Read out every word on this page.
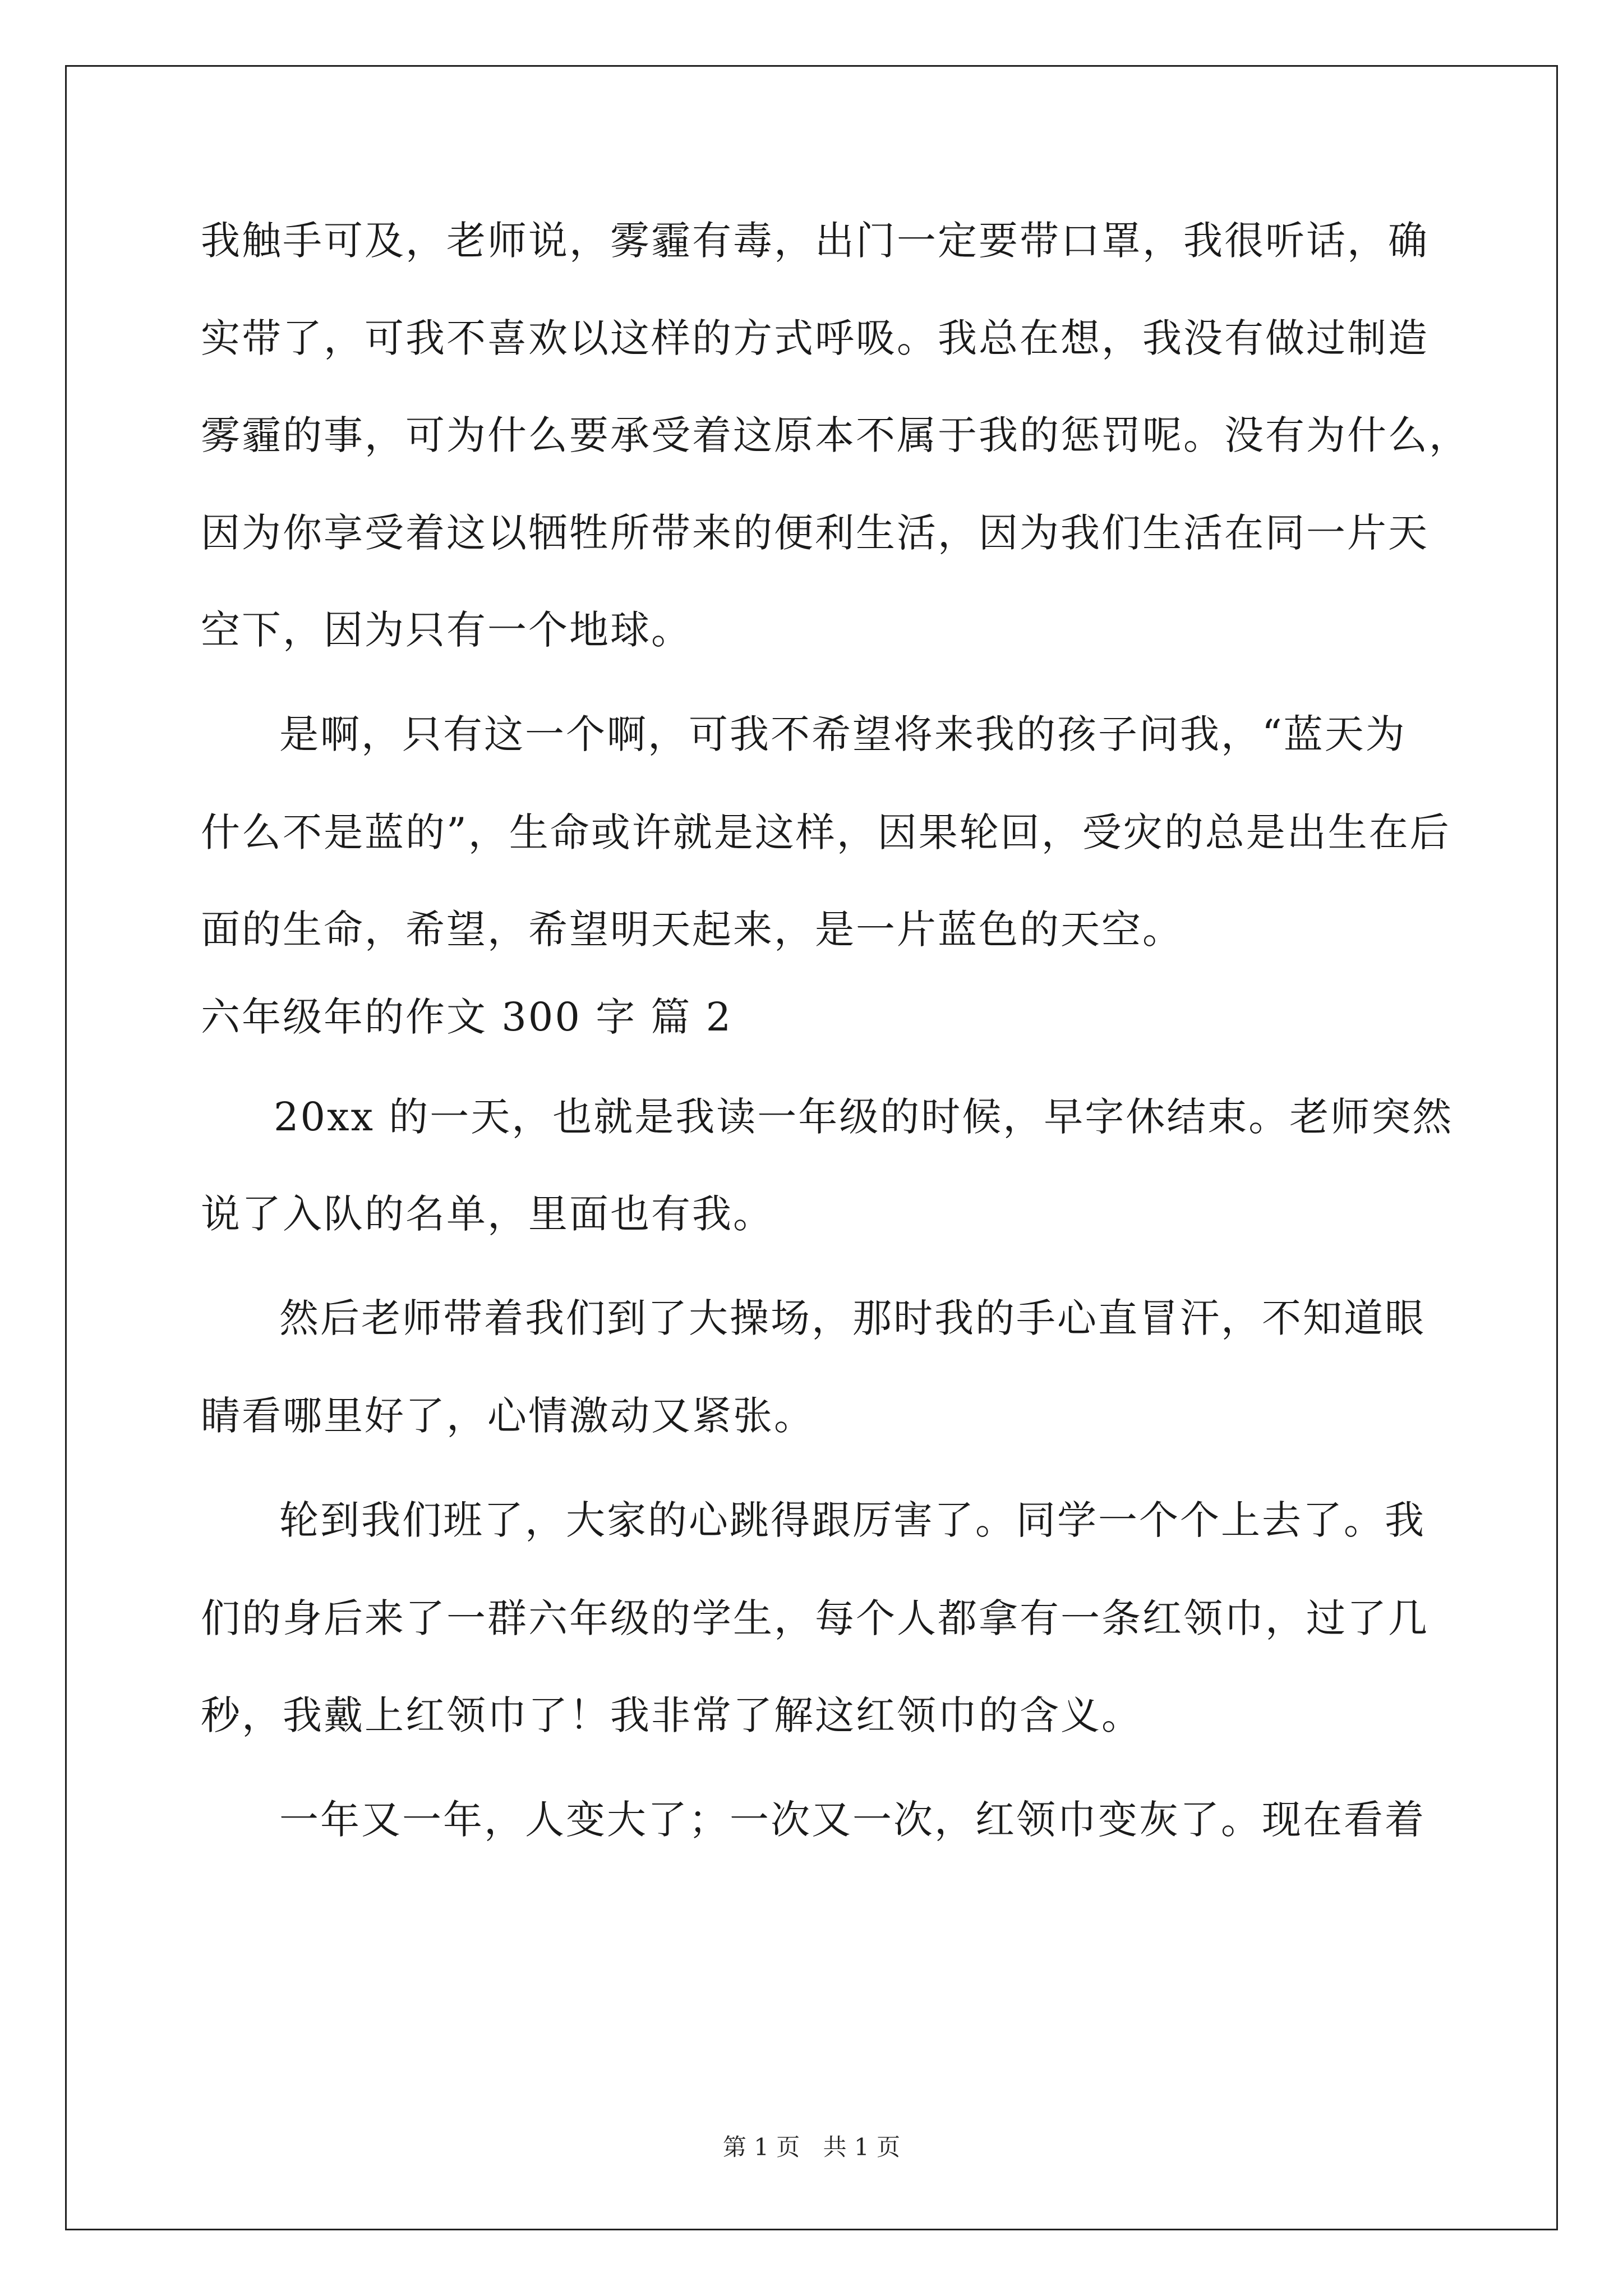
我触手可及，老师说，雾霾有毒，出门一定要带口罩，我很听话，确
实带了，可我不喜欢以这样的方式呼吸。我总在想，我没有做过制造
雾霾的事，可为什么要承受着这原本不属于我的惩罚呢。没有为什么，
因为你享受着这以牺牲所带来的便利生活，因为我们生活在同一片天
空下，因为只有一个地球。
是啊，只有这一个啊，可我不希望将来我的孩子问我，“蓝天为
什么不是蓝的”，生命或许就是这样，因果轮回，受灾的总是出生在后
面的生命，希望，希望明天起来，是一片蓝色的天空。
六年级年的作文 300 字 篇 2
20xx 的一天，也就是我读一年级的时候，早字休结束。老师突然
说了入队的名单，里面也有我。
然后老师带着我们到了大操场，那时我的手心直冒汗，不知道眼
睛看哪里好了，心情激动又紧张。
轮到我们班了，大家的心跳得跟厉害了。同学一个个上去了。我
们的身后来了一群六年级的学生，每个人都拿有一条红领巾，过了几
秒，我戴上红领巾了！我非常了解这红领巾的含义。
一年又一年，人变大了；一次又一次，红领巾变灰了。现在看着
第 1 页 共 1 页
